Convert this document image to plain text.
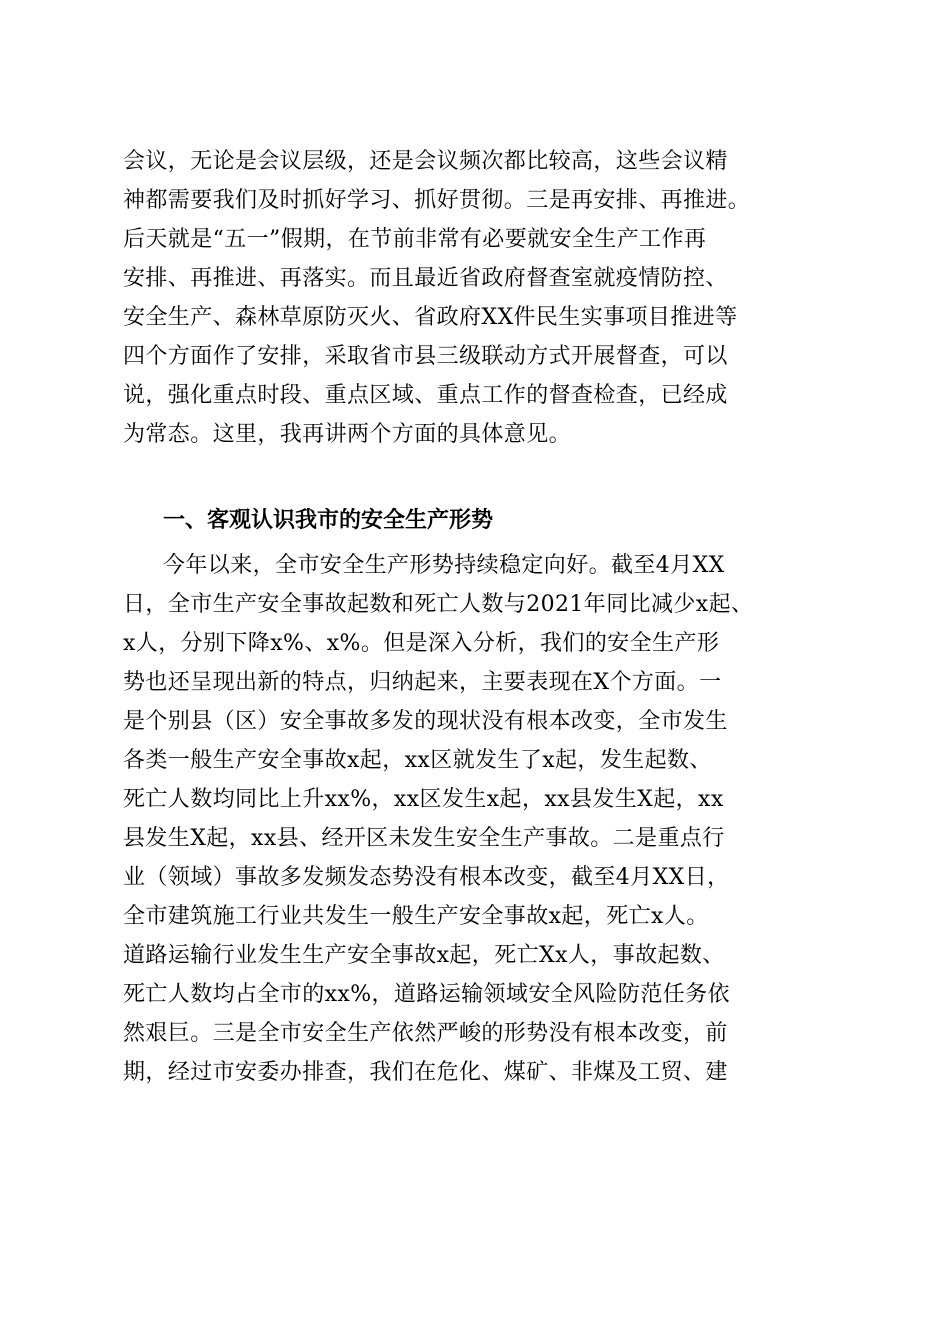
会议，无论是会议层级，还是会议频次都比较高，这些会议精
神都需要我们及时抓好学习、抓好贯彻。三是再安排、再推进。
后天就是“五一”假期，在节前非常有必要就安全生产工作再
安排、再推进、再落实。而且最近省政府督查室就疫情防控、
安全生产、森林草原防灭火、省政府XX件民生实事项目推进等
四个方面作了安排，采取省市县三级联动方式开展督查，可以
说，强化重点时段、重点区域、重点工作的督查检查，已经成
为常态。这里，我再讲两个方面的具体意见。
一、客观认识我市的安全生产形势
今年以来，全市安全生产形势持续稳定向好。截至4月XX
日，全市生产安全事故起数和死亡人数与2021年同比减少x起、
x人，分别下降x%、x%。但是深入分析，我们的安全生产形
势也还呈现出新的特点，归纳起来，主要表现在X个方面。一
是个别县（区）安全事故多发的现状没有根本改变，全市发生
各类一般生产安全事故x起，xx区就发生了x起，发生起数、
死亡人数均同比上升xx%，xx区发生x起，xx县发生X起，xx
县发生X起，xx县、经开区未发生安全生产事故。二是重点行
业（领域）事故多发频发态势没有根本改变，截至4月XX日，
全市建筑施工行业共发生一般生产安全事故x起，死亡x人。
道路运输行业发生生产安全事故x起，死亡Xx人，事故起数、
死亡人数均占全市的xx%，道路运输领域安全风险防范任务依
然艰巨。三是全市安全生产依然严峻的形势没有根本改变，前
期，经过市安委办排查，我们在危化、煤矿、非煤及工贸、建
